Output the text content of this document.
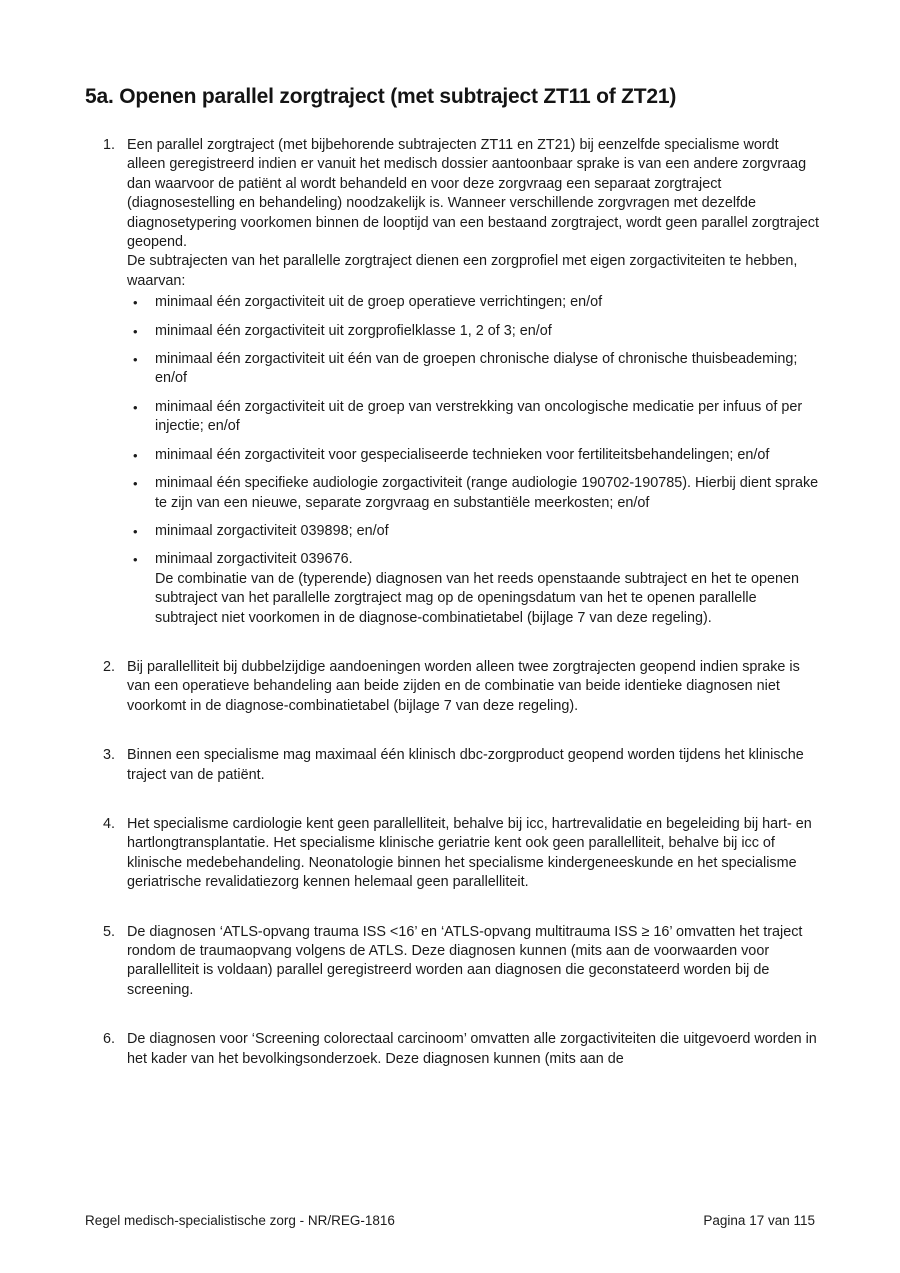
5a. Openen parallel zorgtraject (met subtraject ZT11 of ZT21)
1. Een parallel zorgtraject (met bijbehorende subtrajecten ZT11 en ZT21) bij eenzelfde specialisme wordt alleen geregistreerd indien er vanuit het medisch dossier aantoonbaar sprake is van een andere zorgvraag dan waarvoor de patiënt al wordt behandeld en voor deze zorgvraag een separaat zorgtraject (diagnosestelling en behandeling) noodzakelijk is. Wanneer verschillende zorgvragen met dezelfde diagnosetypering voorkomen binnen de looptijd van een bestaand zorgtraject, wordt geen parallel zorgtraject geopend.

De subtrajecten van het parallelle zorgtraject dienen een zorgprofiel met eigen zorgactiviteiten te hebben, waarvan:

• minimaal één zorgactiviteit uit de groep operatieve verrichtingen; en/of
• minimaal één zorgactiviteit uit zorgprofielklasse 1, 2 of 3; en/of
• minimaal één zorgactiviteit uit één van de groepen chronische dialyse of chronische thuisbeademing; en/of
• minimaal één zorgactiviteit uit de groep van verstrekking van oncologische medicatie per infuus of per injectie; en/of
• minimaal één zorgactiviteit voor gespecialiseerde technieken voor fertiliteitsbehandelingen; en/of
• minimaal één specifieke audiologie zorgactiviteit (range audiologie 190702-190785). Hierbij dient sprake te zijn van een nieuwe, separate zorgvraag en substantiële meerkosten; en/of
• minimaal zorgactiviteit 039898; en/of
• minimaal zorgactiviteit 039676.

De combinatie van de (typerende) diagnosen van het reeds openstaande subtraject en het te openen subtraject van het parallelle zorgtraject mag op de openingsdatum van het te openen parallelle subtraject niet voorkomen in de diagnose-combinatietabel (bijlage 7 van deze regeling).

2. Bij parallelliteit bij dubbelzijdige aandoeningen worden alleen twee zorgtrajecten geopend indien sprake is van een operatieve behandeling aan beide zijden en de combinatie van beide identieke diagnosen niet voorkomt in de diagnose-combinatietabel (bijlage 7 van deze regeling).

3. Binnen een specialisme mag maximaal één klinisch dbc-zorgproduct geopend worden tijdens het klinische traject van de patiënt.

4. Het specialisme cardiologie kent geen parallelliteit, behalve bij icc, hartrevalidatie en begeleiding bij hart- en hartlongtransplantatie. Het specialisme klinische geriatrie kent ook geen parallelliteit, behalve bij icc of klinische medebehandeling. Neonatologie binnen het specialisme kindergeneeskunde en het specialisme geriatrische revalidatiezorg kennen helemaal geen parallelliteit.

5. De diagnosen ‘ATLS-opvang trauma ISS <16’ en ‘ATLS-opvang multitrauma ISS ≥ 16’ omvatten het traject rondom de traumaopvang volgens de ATLS. Deze diagnosen kunnen (mits aan de voorwaarden voor parallelliteit is voldaan) parallel geregistreerd worden aan diagnosen die geconstateerd worden bij de screening.

6. De diagnosen voor ‘Screening colorectaal carcinoom’ omvatten alle zorgactiviteiten die uitgevoerd worden in het kader van het bevolkingsonderzoek. Deze diagnosen kunnen (mits aan de

Regel medisch-specialistische zorg - NR/REG-1816	Pagina 17 van 115
